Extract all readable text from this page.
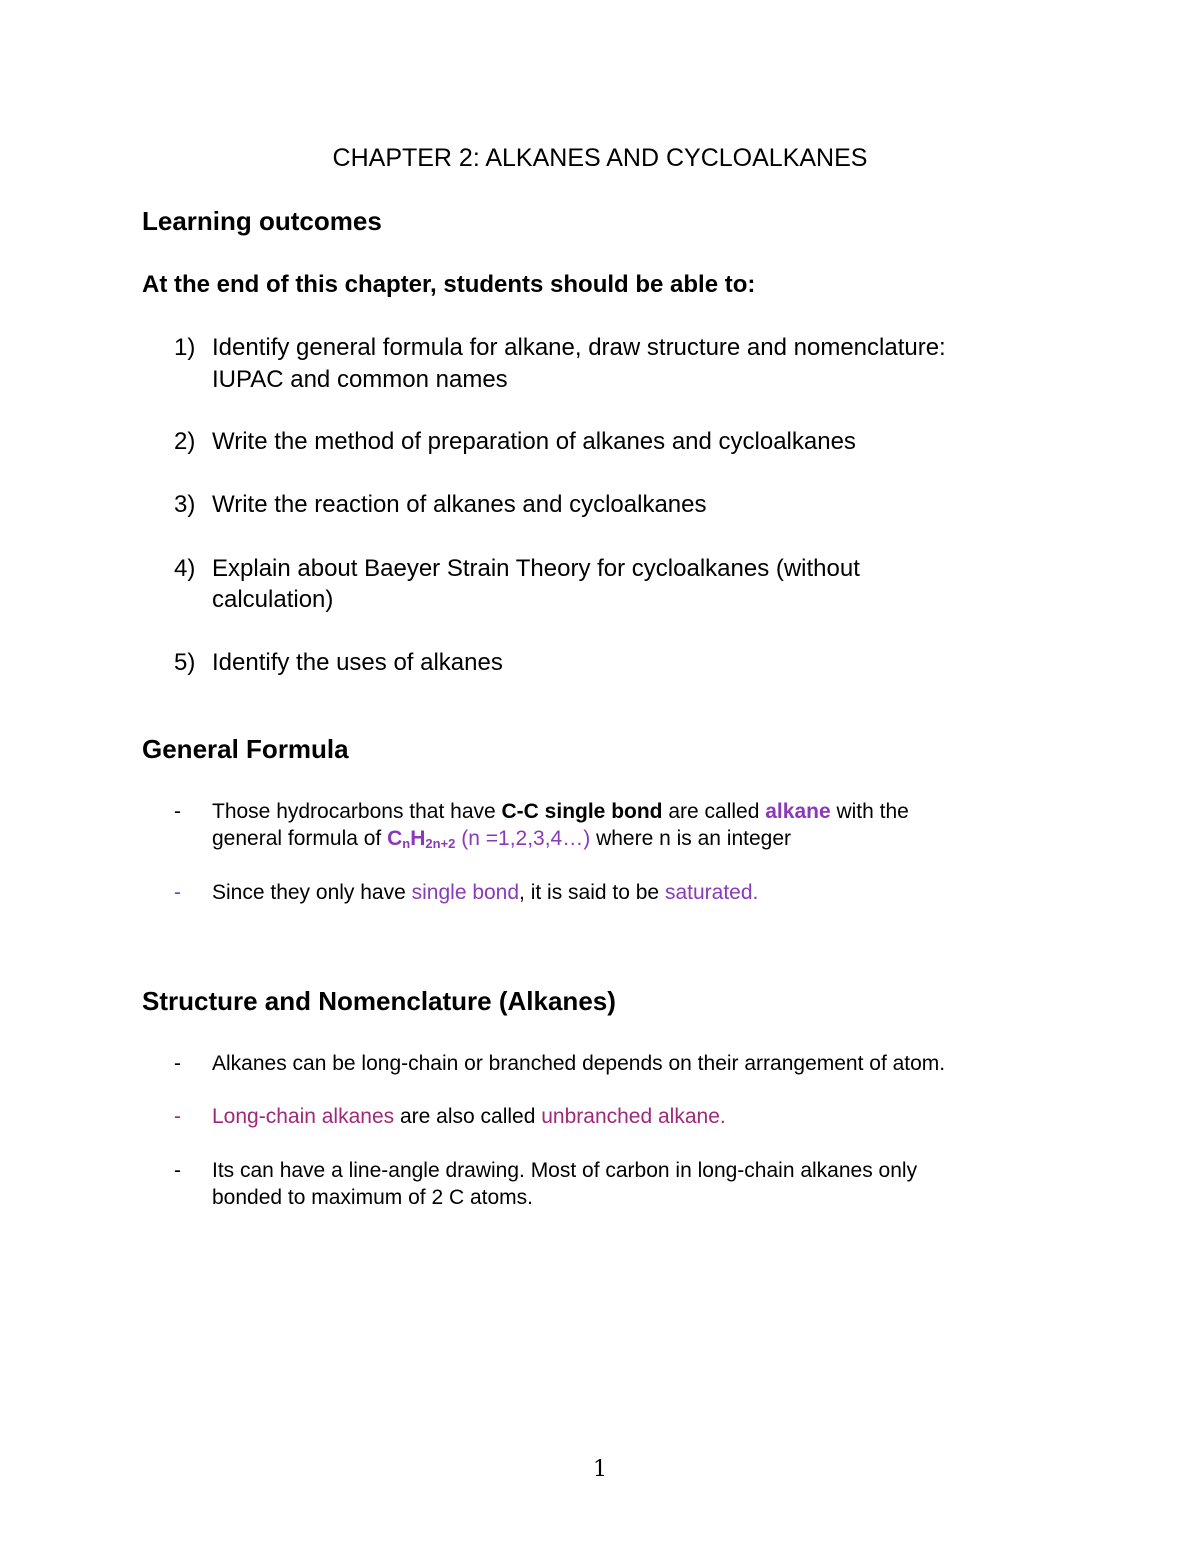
CHAPTER 2: ALKANES AND CYCLOALKANES
Learning outcomes
At the end of this chapter, students should be able to:
1) Identify general formula for alkane, draw structure and nomenclature:
IUPAC and common names
2) Write the method of preparation of alkanes and cycloalkanes
3) Write the reaction of alkanes and cycloalkanes
4) Explain about Baeyer Strain Theory for cycloalkanes (without
calculation)
5) Identify the uses of alkanes
General Formula
- Those hydrocarbons that have C-C single bond are called alkane with the
general formula of $C_nH_{2n+2}$ (n =1,2,3,4…) where n is an integer
- Since they only have single bond, it is said to be saturated.
Structure and Nomenclature (Alkanes)
- Alkanes can be long-chain or branched depends on their arrangement of atom.
- Long-chain alkanes are also called unbranched alkane.
- Its can have a line-angle drawing. Most of carbon in long-chain alkanes only
bonded to maximum of 2 C atoms.
1
